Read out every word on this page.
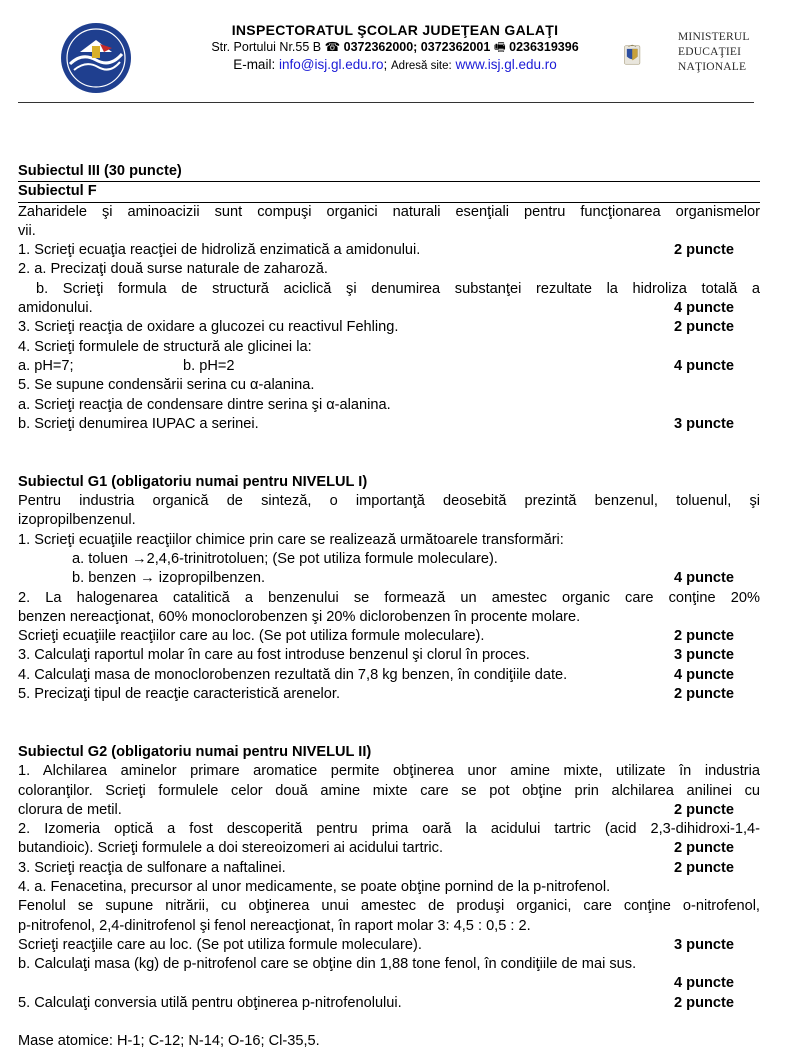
INSPECTORATUL ŞCOLAR JUDEŢEAN GALAŢI
Str. Portului Nr.55 B ☎ 0372362000; 0372362001 🖷 0236319396
E-mail: info@isj.gl.edu.ro; Adresă site: www.isj.gl.edu.ro
MINISTERUL
EDUCAŢIEI
NAŢIONALE
Subiectul III (30 puncte)
Subiectul F
Zaharidele şi aminoacizii sunt compuşi organici naturali esenţiali pentru funcţionarea organismelor
vii.
1. Scrieţi ecuaţia reacţiei de hidroliză enzimatică a amidonului.	2 puncte
2. a. Precizaţi două surse naturale de zaharoză.
b. Scrieţi formula de structură aciclică şi denumirea substanţei rezultate la hidroliza totală a
amidonului.	4 puncte
3. Scrieţi reacţia de oxidare a glucozei cu reactivul Fehling.	2 puncte
4. Scrieţi formulele de structură ale glicinei la:
a. pH=7;	b. pH=2	4 puncte
5. Se supune condensării serina cu α-alanina.
a. Scrieţi reacţia de condensare dintre serina şi α-alanina.
b. Scrieţi denumirea IUPAC a serinei.	3 puncte
Subiectul G1 (obligatoriu numai pentru NIVELUL I)
Pentru industria organică de sinteză, o importanţă deosebită prezintă benzenul, toluenul, şi
izopropilbenzenul.
1. Scrieţi ecuaţiile reacţiilor chimice prin care se realizează următoarele transformări:
a. toluen →2,4,6-trinitrotoluen; (Se pot utiliza formule moleculare).
b. benzen → izopropilbenzen.	4 puncte
2. La halogenarea catalitică a benzenului se formează un amestec organic care conţine 20%
benzen nereacţionat, 60% monoclorobenzen şi 20% diclorobenzen în procente molare.
Scrieţi ecuaţiile reacţiilor care au loc. (Se pot utiliza formule moleculare).	2 puncte
3. Calculaţi raportul molar în care au fost introduse benzenul şi clorul în proces.	3 puncte
4. Calculaţi masa de monoclorobenzen rezultată din 7,8 kg benzen, în condiţiile date.	4 puncte
5. Precizaţi tipul de reacţie caracteristică arenelor.	2 puncte
Subiectul G2 (obligatoriu numai pentru NIVELUL II)
1. Alchilarea aminelor primare aromatice permite obţinerea unor amine mixte, utilizate în industria
coloranţilor. Scrieţi formulele celor două amine mixte care se pot obţine prin alchilarea anilinei cu
clorura de metil.	2 puncte
2. Izomeria optică a fost descoperită pentru prima oară la acidului tartric (acid 2,3-dihidroxi-1,4-
butandioic). Scrieţi formulele a doi stereoizomeri ai acidului tartric.	2 puncte
3. Scrieţi reacţia de sulfonare a naftalinei.	2 puncte
4. a. Fenacetina, precursor al unor medicamente, se poate obţine pornind de la p-nitrofenol.
Fenolul se supune nitrării, cu obţinerea unui amestec de produşi organici, care conţine o-nitrofenol,
p-nitrofenol, 2,4-dinitrofenol şi fenol nereacţionat, în raport molar 3: 4,5 : 0,5 : 2.
Scrieţi reacţiile care au loc. (Se pot utiliza formule moleculare).	3 puncte
b. Calculaţi masa (kg) de p-nitrofenol care se obţine din 1,88 tone fenol, în condiţiile de mai sus.
4 puncte
5. Calculaţi conversia utilă pentru obţinerea p-nitrofenolului.	2 puncte
Mase atomice: H-1; C-12; N-14; O-16; Cl-35,5.
